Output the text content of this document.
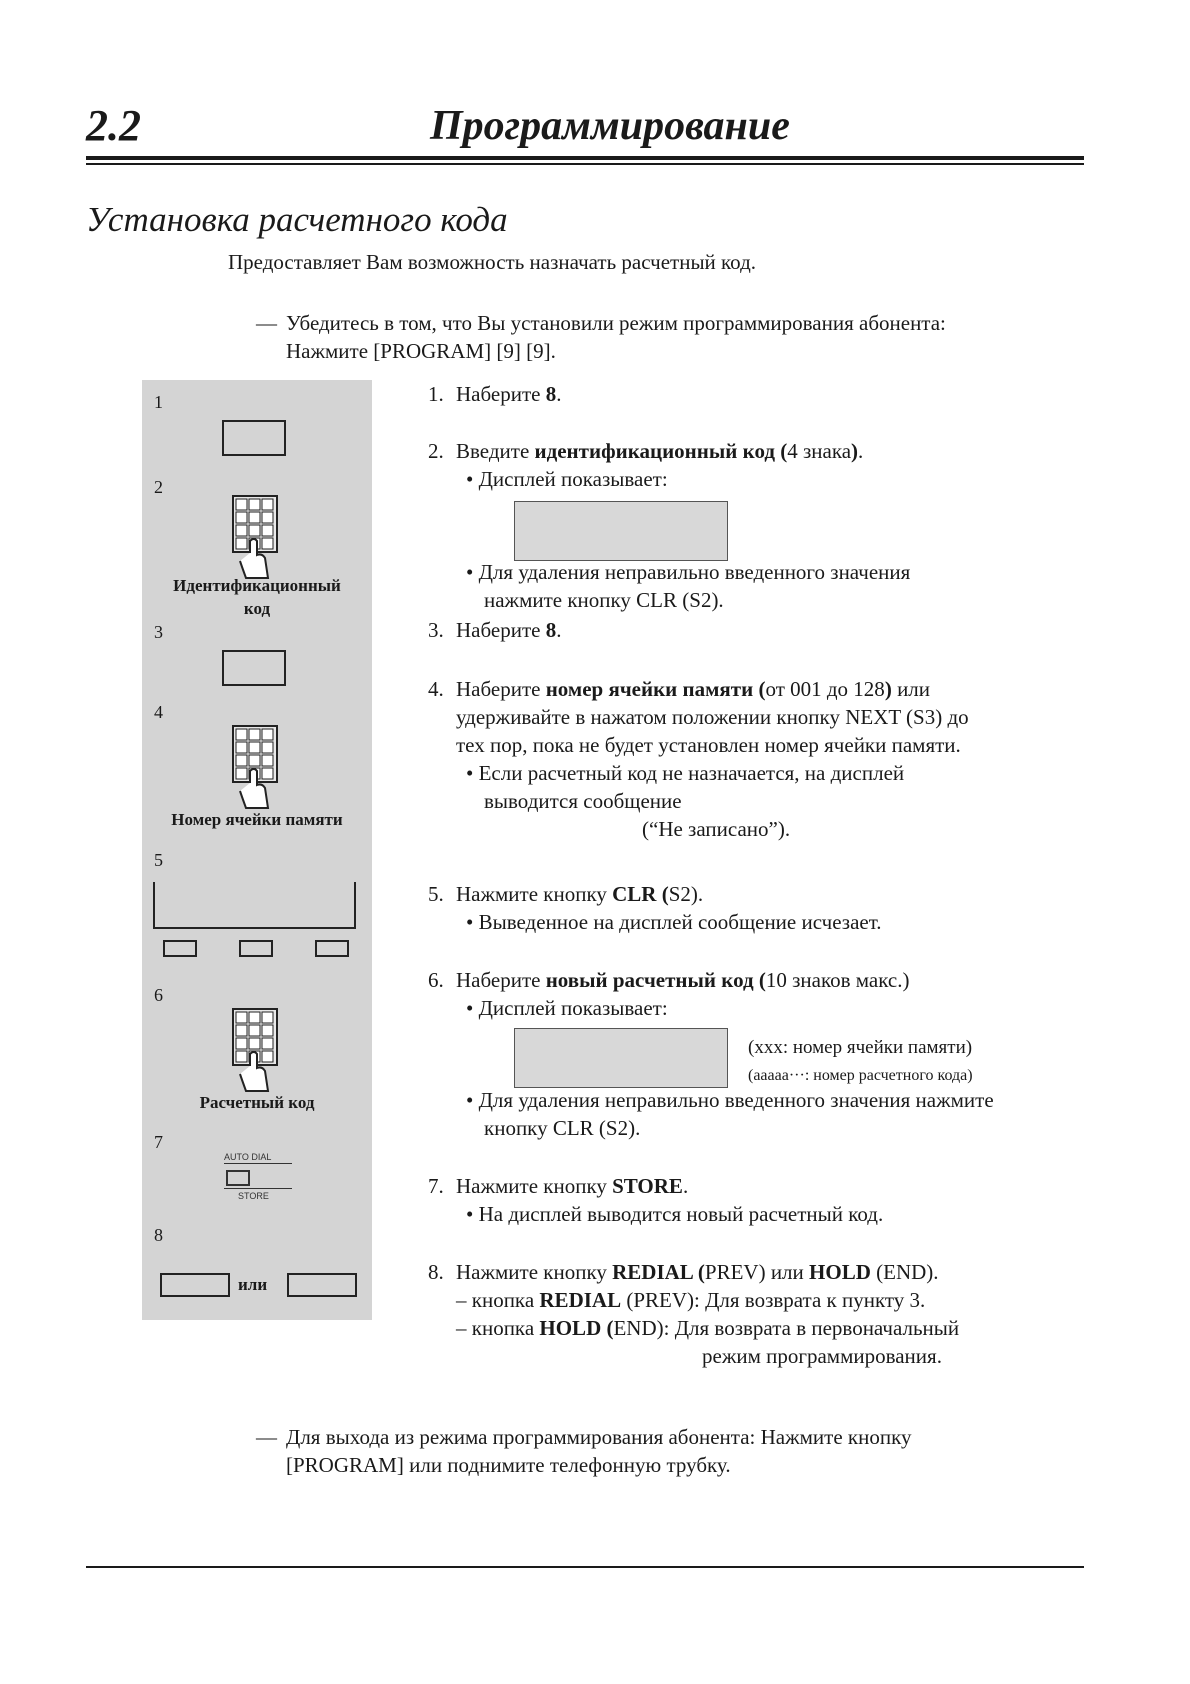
2.2	Программирование
Установка расчетного кода
Предоставляет Вам возможность назначать расчетный код.
— Убедитесь в том, что Вы установили режим программирования абонента:
Нажмите [PROGRAM] [9] [9].
1
2
Идентификационный
код
3
4
Номер ячейки памяти
5
6
Расчетный код
7
AUTO DIAL
STORE
8
или
1. Наберите 8.
2. Введите идентификационный код (4 знака).
• Дисплей показывает:
• Для удаления неправильно введенного значения
нажмите кнопку CLR (S2).
3. Наберите 8.
4. Наберите номер ячейки памяти (от 001 до 128) или
удерживайте в нажатом положении кнопку NEXT (S3) до
тех пор, пока не будет установлен номер ячейки памяти.
• Если расчетный код не назначается, на дисплей
выводится сообщение
(“Не записано”).
5. Нажмите кнопку CLR (S2).
• Выведенное на дисплей сообщение исчезает.
6. Наберите новый расчетный код (10 знаков макс.)
• Дисплей показывает:
(xxx: номер ячейки памяти)
(aaaaa···: номер расчетного кода)
• Для удаления неправильно введенного значения нажмите
кнопку CLR (S2).
7. Нажмите кнопку STORE.
• На дисплей выводится новый расчетный код.
8. Нажмите кнопку REDIAL (PREV) или HOLD (END).
– кнопка REDIAL (PREV): Для возврата к пункту 3.
– кнопка HOLD (END): Для возврата в первоначальный
режим программирования.
— Для выхода из режима программирования абонента: Нажмите кнопку
[PROGRAM] или поднимите телефонную трубку.
